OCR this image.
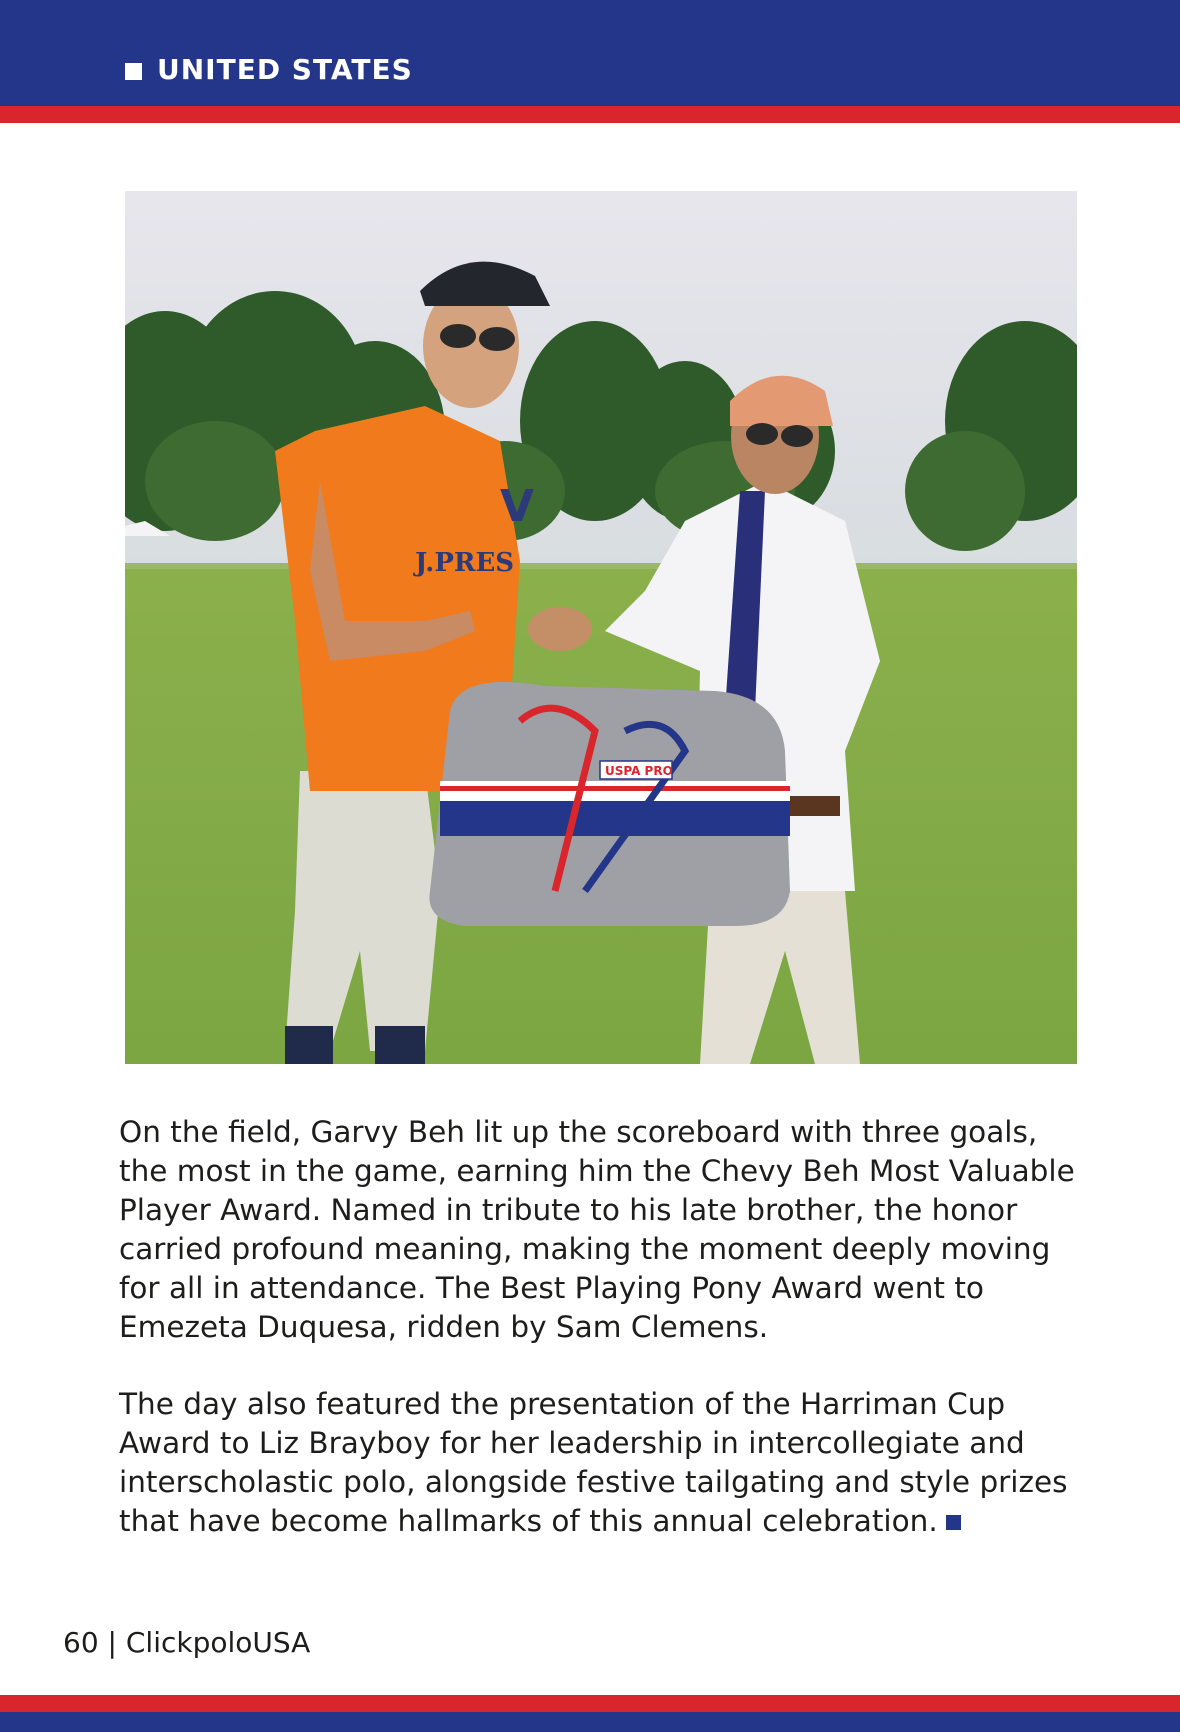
UNITED STATES
J.PRES
V
USPA PRO
On the field, Garvy Beh lit up the scoreboard with three goals, the most in the game, earning him the Chevy Beh Most Valuable Player Award. Named in tribute to his late brother, the honor carried profound meaning, making the moment deeply moving for all in attendance. The Best Playing Pony Award went to Emezeta Duquesa, ridden by Sam Clemens.
The day also featured the presentation of the Harriman Cup Award to Liz Brayboy for her leadership in intercollegiate and interscholastic polo, alongside festive tailgating and style prizes that have become hallmarks of this annual celebration.
60 | ClickpoloUSA
